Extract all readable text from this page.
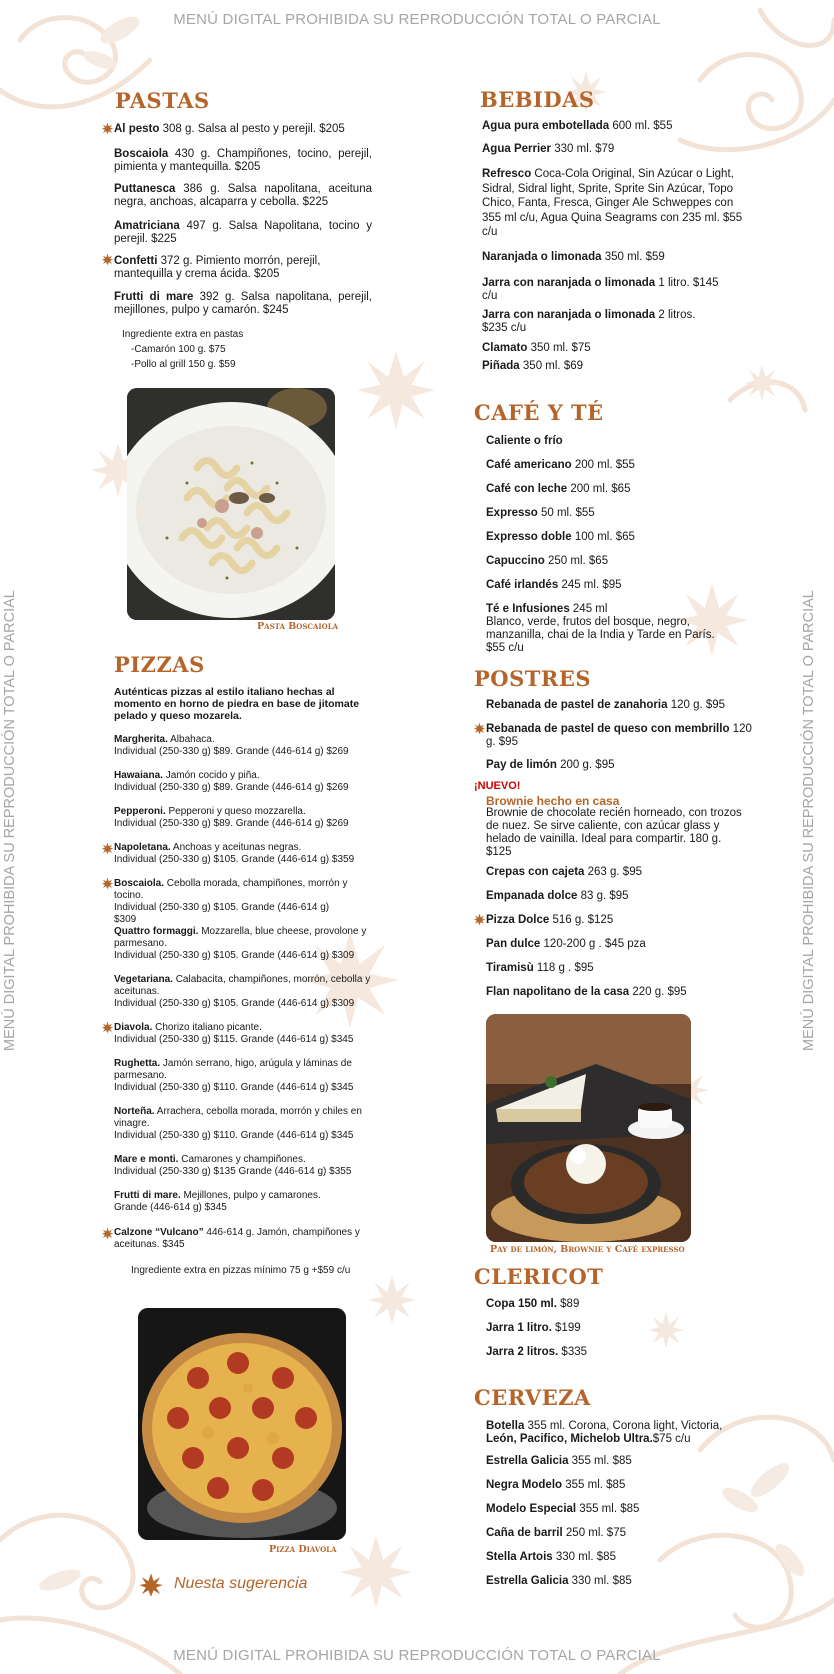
MENÚ DIGITAL PROHIBIDA SU REPRODUCCIÓN TOTAL O PARCIAL
MENÚ DIGITAL PROHIBIDA SU REPRODUCCIÓN TOTAL O PARCIAL
MENÚ DIGITAL PROHIBIDA SU REPRODUCCIÓN TOTAL O PARCIAL	MENÚ DIGITAL PROHIBIDA SU REPRODUCCIÓN TOTAL O PARCIAL
PASTAS
Al pesto 308 g. Salsa al pesto y perejil. $205
Boscaiola 430 g. Champiñones, tocino, perejil, pimienta y mantequilla. $205
Puttanesca 386 g. Salsa napolitana, aceituna negra, anchoas, alcaparra y cebolla. $225
Amatriciana 497 g. Salsa Napolitana, tocino y perejil. $225
Confetti 372 g. Pimiento morrón, perejil, mantequilla y crema ácida. $205
Frutti di mare 392 g. Salsa napolitana, perejil, mejillones, pulpo y camarón. $245
Ingrediente extra en pastas
-Camarón 100 g. $75
-Pollo al grill 150 g. $59
Pasta Boscaiola
PIZZAS
Auténticas pizzas al estilo italiano hechas al momento en horno de piedra en base de jitomate pelado y queso mozarela.
Margherita. Albahaca.
Individual (250-330 g) $89. Grande (446-614 g) $269
Hawaiana. Jamón cocido y piña.
Individual (250-330 g) $89. Grande (446-614 g) $269
Pepperoni. Pepperoni y queso mozzarella.
Individual (250-330 g) $89. Grande (446-614 g) $269
Napoletana. Anchoas y aceitunas negras.
Individual (250-330 g) $105. Grande (446-614 g) $359
Boscaiola. Cebolla morada, champiñones, morrón y tocino.
Individual (250-330 g) $105. Grande (446-614 g) $309
Quattro formaggi. Mozzarella, blue cheese, provolone y parmesano.
Individual (250-330 g) $105. Grande (446-614 g) $309
Vegetariana. Calabacita, champiñones, morrón, cebolla y aceitunas.
Individual (250-330 g) $105. Grande (446-614 g) $309
Diavola. Chorizo italiano picante.
Individual (250-330 g) $115. Grande (446-614 g) $345
Rughetta. Jamón serrano, higo, arúgula y láminas de parmesano.
Individual (250-330 g) $110. Grande (446-614 g) $345
Norteña. Arrachera, cebolla morada, morrón y chiles en vinagre.
Individual (250-330 g) $110. Grande (446-614 g) $345
Mare e monti. Camarones y champiñones.
Individual (250-330 g) $135 Grande (446-614 g) $355
Frutti di mare. Mejillones, pulpo y camarones.
Grande (446-614 g) $345
Calzone “Vulcano” 446-614 g. Jamón, champiñones y aceitunas. $345
Ingrediente extra en pizzas mínimo 75 g +$59 c/u
Pizza Diavola
Nuesta sugerencia
BEBIDAS
Agua pura embotellada 600 ml. $55
Agua Perrier 330 ml. $79
Refresco Coca-Cola Original, Sin Azúcar o Light, Sidral, Sidral light, Sprite, Sprite Sin Azúcar, Topo Chico, Fanta, Fresca, Ginger Ale Schweppes con 355 ml c/u, Agua Quina Seagrams con 235 ml. $55 c/u
Naranjada o limonada 350 ml. $59
Jarra con naranjada o limonada 1 litro. $145 c/u
Jarra con naranjada o limonada 2 litros. $235 c/u
Clamato 350 ml. $75
Piñada 350 ml. $69
CAFÉ Y TÉ
Caliente o frío
Café americano 200 ml. $55
Café con leche 200 ml. $65
Expresso 50 ml. $55
Expresso doble 100 ml. $65
Capuccino 250 ml. $65
Café irlandés 245 ml. $95
Té e Infusiones 245 ml
Blanco, verde, frutos del bosque, negro, manzanilla, chai de la India y Tarde en París. $55 c/u
POSTRES
Rebanada de pastel de zanahoria 120 g. $95
Rebanada de pastel de queso con membrillo 120 g. $95
Pay de limón 200 g. $95
¡NUEVO!
Brownie hecho en casa
Brownie de chocolate recién horneado, con trozos de nuez. Se sirve caliente, con azúcar glass y helado de vainilla. Ideal para compartir. 180 g. $125
Crepas con cajeta 263 g. $95
Empanada dolce 83 g. $95
Pizza Dolce 516 g. $125
Pan dulce 120-200 g . $45 pza
Tiramisù 118 g . $95
Flan napolitano de la casa 220 g. $95
Pay de limón, Brownie y Café expresso
CLERICOT
Copa 150 ml. $89
Jarra 1 litro. $199
Jarra 2 litros. $335
CERVEZA
Botella 355 ml. Corona, Corona light, Victoria, León, Pacifico, Michelob Ultra.$75 c/u
Estrella Galicia 355 ml. $85
Negra Modelo 355 ml. $85
Modelo Especial 355 ml. $85
Caña de barril 250 ml. $75
Stella Artois 330 ml. $85
Estrella Galicia 330 ml. $85
